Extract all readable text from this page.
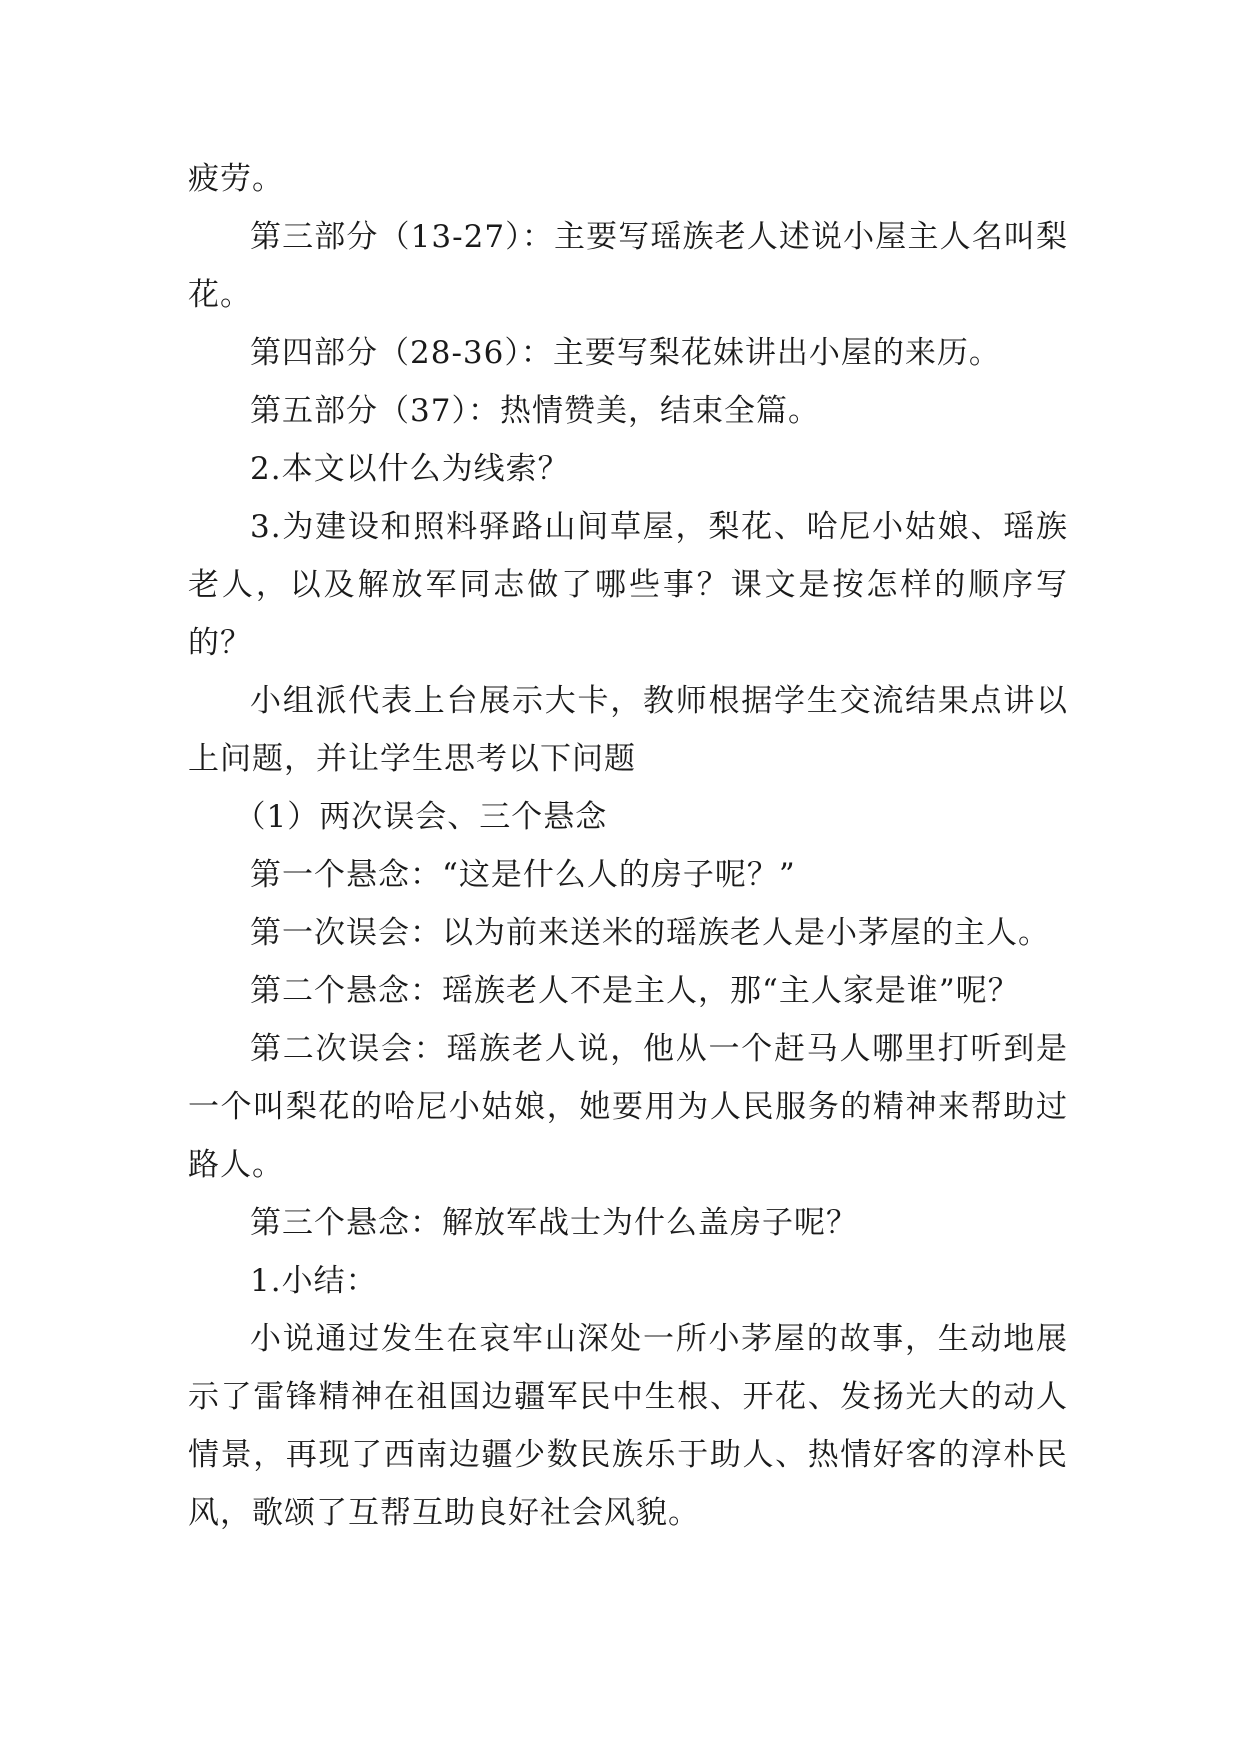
疲劳。

第三部分（13-27）：主要写瑶族老人述说小屋主人名叫梨花。

第四部分（28-36）：主要写梨花妹讲出小屋的来历。

第五部分（37）：热情赞美，结束全篇。

2.本文以什么为线索？

3.为建设和照料驿路山间草屋，梨花、哈尼小姑娘、瑶族老人，以及解放军同志做了哪些事？课文是按怎样的顺序写的？

小组派代表上台展示大卡，教师根据学生交流结果点讲以上问题，并让学生思考以下问题

（1）两次误会、三个悬念

第一个悬念：“这是什么人的房子呢？”

第一次误会：以为前来送米的瑶族老人是小茅屋的主人。

第二个悬念：瑶族老人不是主人，那“主人家是谁”呢？

第二次误会：瑶族老人说，他从一个赶马人哪里打听到是一个叫梨花的哈尼小姑娘，她要用为人民服务的精神来帮助过路人。

第三个悬念：解放军战士为什么盖房子呢？

1.小结：

小说通过发生在哀牢山深处一所小茅屋的故事，生动地展示了雷锋精神在祖国边疆军民中生根、开花、发扬光大的动人情景，再现了西南边疆少数民族乐于助人、热情好客的淳朴民风，歌颂了互帮互助良好社会风貌。
